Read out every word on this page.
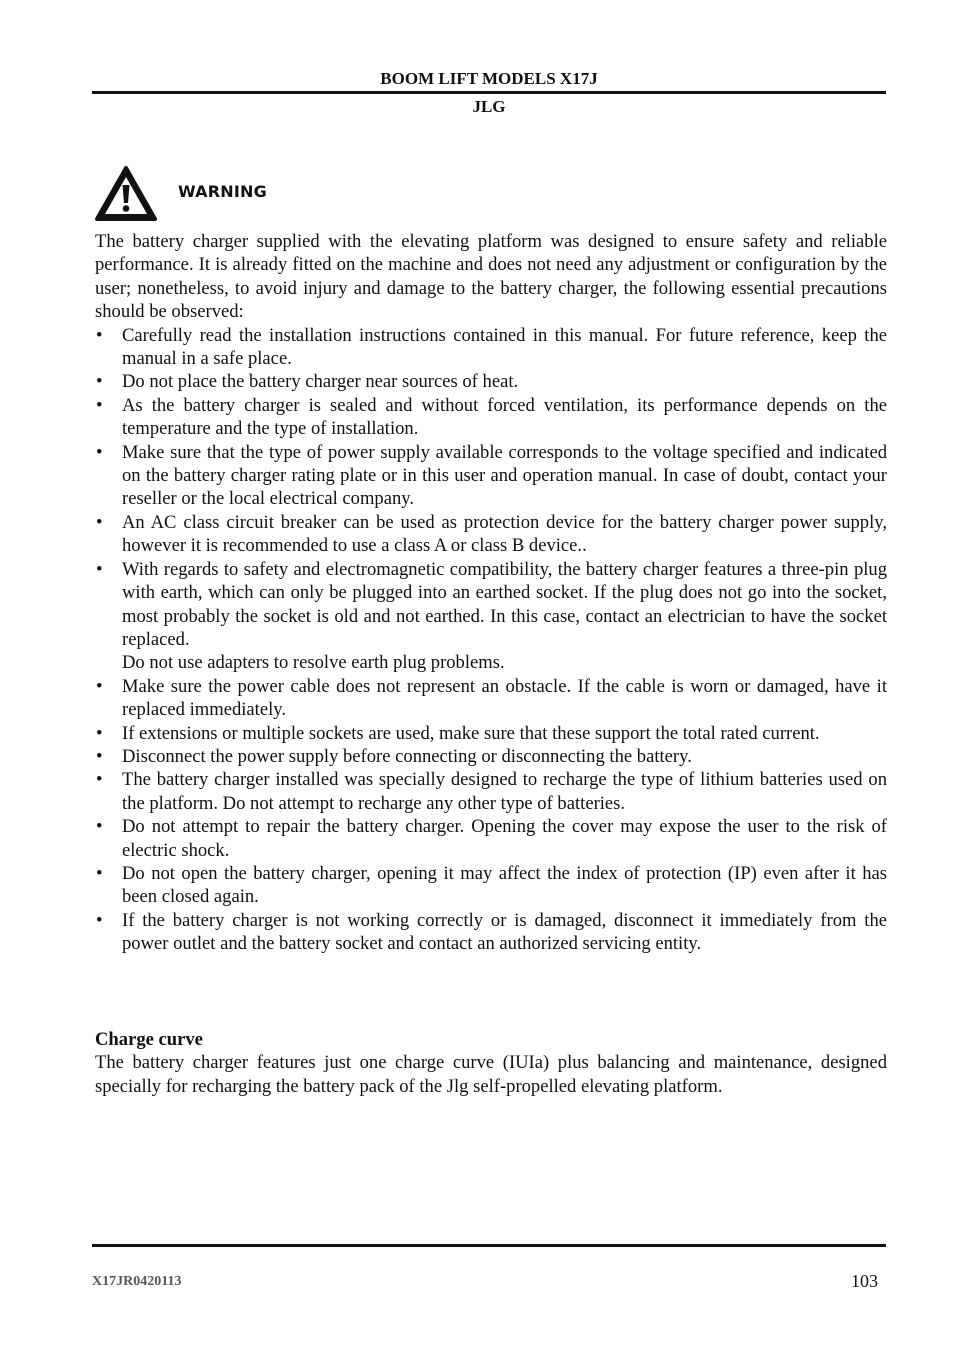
BOOM LIFT MODELS X17J
JLG
WARNING

The battery charger supplied with the elevating platform was designed to ensure safety and reliable performance. It is already fitted on the machine and does not need any adjustment or configuration by the user; nonetheless, to avoid injury and damage to the battery charger, the following essential precautions should be observed:

• Carefully read the installation instructions contained in this manual. For future reference, keep the manual in a safe place.
• Do not place the battery charger near sources of heat.
• As the battery charger is sealed and without forced ventilation, its performance depends on the temperature and the type of installation.
• Make sure that the type of power supply available corresponds to the voltage specified and indicated on the battery charger rating plate or in this user and operation manual. In case of doubt, contact your reseller or the local electrical company.
• An AC class circuit breaker can be used as protection device for the battery charger power supply, however it is recommended to use a class A or class B device..
• With regards to safety and electromagnetic compatibility, the battery charger features a three-pin plug with earth, which can only be plugged into an earthed socket. If the plug does not go into the socket, most probably the socket is old and not earthed. In this case, contact an electrician to have the socket replaced.
Do not use adapters to resolve earth plug problems.
• Make sure the power cable does not represent an obstacle. If the cable is worn or damaged, have it replaced immediately.
• If extensions or multiple sockets are used, make sure that these support the total rated current.
• Disconnect the power supply before connecting or disconnecting the battery.
• The battery charger installed was specially designed to recharge the type of lithium batteries used on the platform. Do not attempt to recharge any other type of batteries.
• Do not attempt to repair the battery charger. Opening the cover may expose the user to the risk of electric shock.
• Do not open the battery charger, opening it may affect the index of protection (IP) even after it has been closed again.
• If the battery charger is not working correctly or is damaged, disconnect it immediately from the power outlet and the battery socket and contact an authorized servicing entity.
Charge curve

The battery charger features just one charge curve (IUIa) plus balancing and maintenance, designed specially for recharging the battery pack of the Jlg self-propelled elevating platform.

X17JR0420113	103
